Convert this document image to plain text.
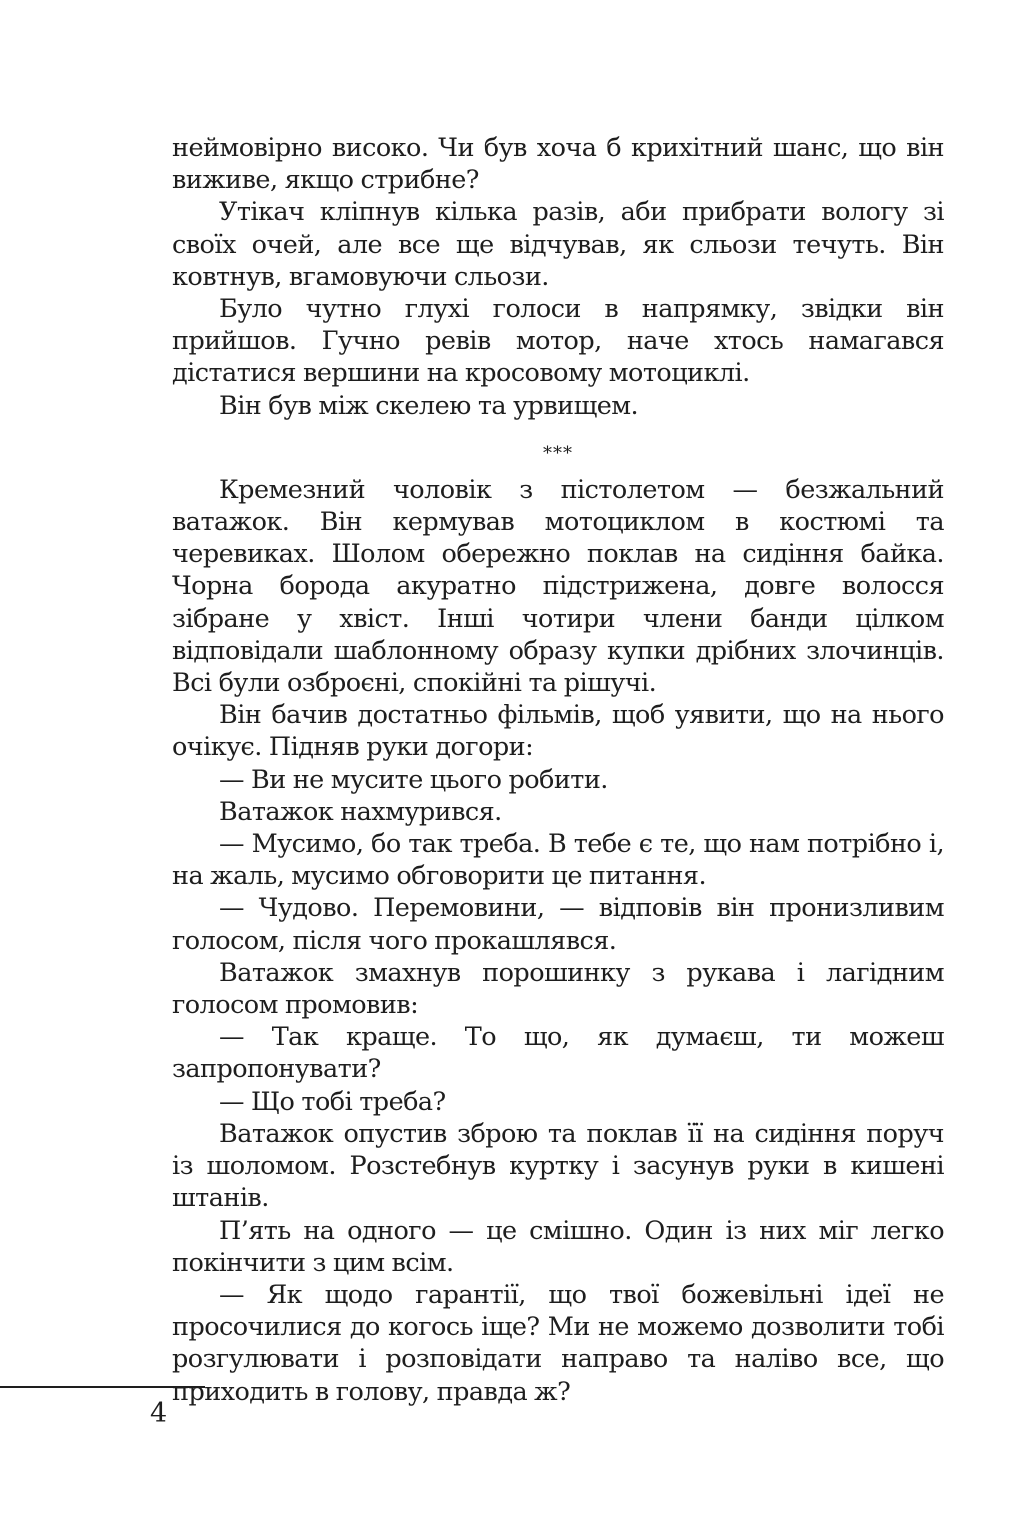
неймовірно високо. Чи був хоча б крихітний шанс, що він виживе, якщо стрибне?

Утікач кліпнув кілька разів, аби прибрати вологу зі своїх очей, але все ще відчував, як сльози течуть. Він ковтнув, вгамовуючи сльози.

Було чутно глухі голоси в напрямку, звідки він прийшов. Гучно ревів мотор, наче хтось намагався дістатися вершини на кросовому мотоциклі.

Він був між скелею та урвищем.

***

Кремезний чоловік з пістолетом — безжальний ватажок. Він кермував мотоциклом в костюмі та черевиках. Шолом обережно поклав на сидіння байка. Чорна борода акуратно підстрижена, довге волосся зібране у хвіст. Інші чотири члени банди цілком відповідали шаблонному образу купки дрібних злочинців. Всі були озброєні, спокійні та рішучі.

Він бачив достатньо фільмів, щоб уявити, що на нього очікує. Підняв руки догори:

— Ви не мусите цього робити.

Ватажок нахмурився.

— Мусимо, бо так треба. В тебе є те, що нам потрібно і, на жаль, мусимо обговорити це питання.

— Чудово. Перемовини, — відповів він пронизливим голосом, після чого прокашлявся.

Ватажок змахнув порошинку з рукава і лагідним голосом промовив:

— Так краще. То що, як думаєш, ти можеш запропонувати?

— Що тобі треба?

Ватажок опустив зброю та поклав її на сидіння поруч із шоломом. Розстебнув куртку і засунув руки в кишені штанів.

П’ять на одного — це смішно. Один із них міг легко покінчити з цим всім.

— Як щодо гарантії, що твої божевільні ідеї не просочилися до когось іще? Ми не можемо дозволити тобі розгулювати і розповідати направо та наліво все, що приходить в голову, правда ж?

4
